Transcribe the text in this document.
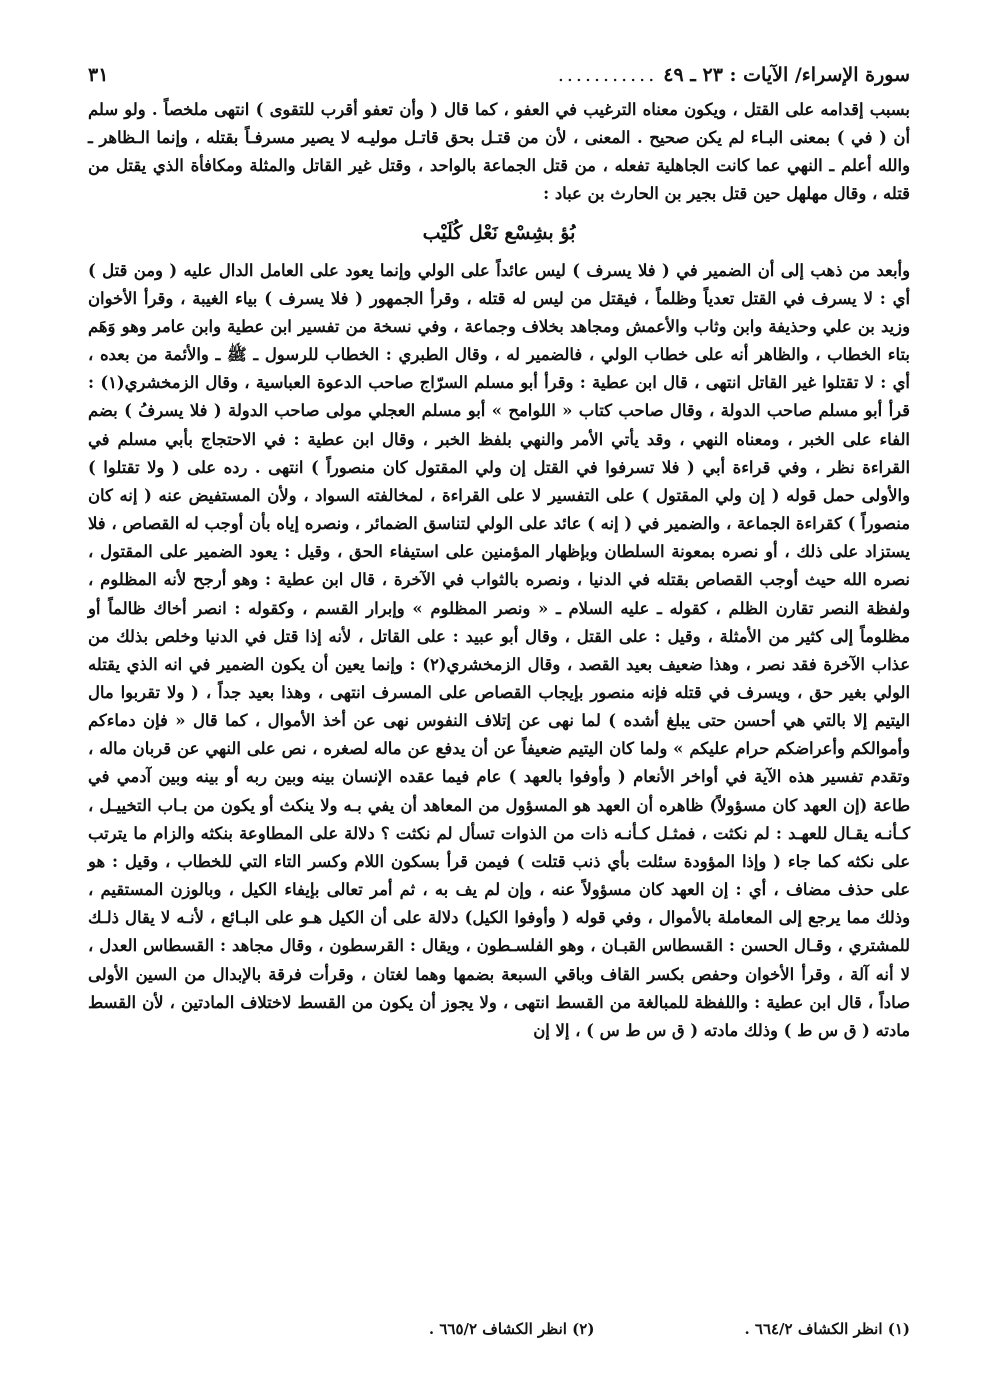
سورة الإسراء/ الآيات : ٢٣ ـ ٤٩
...........
٣١

بسبب إقدامه على القتل ، ويكون معناه الترغيب في العفو ، كما قال ( وأن تعفو أقرب للتقوى ) انتهى ملخصاً . ولو سلم أن ( في ) بمعنى البـاء لم يكن صحيح . المعنى ، لأن من قتـل بحق قاتـل موليـه لا يصير مسرفـاً بقتله ، وإنما الـظاهر ـ والله أعلم ـ النهي عما كانت الجاهلية تفعله ، من قتل الجماعة بالواحد ، وقتل غير القاتل والمثلة ومكافأة الذي يقتل من قتله ، وقال مهلهل حين قتل بجير بن الحارث بن عباد :

بُؤ بشِسْع نَعْل كُلَيْب

وأبعد من ذهب إلى أن الضمير في ( فلا يسرف ) ليس عائداً على الولي وإنما يعود على العامل الدال عليه ( ومن قتل ) أي : لا يسرف في القتل تعدياً وظلماً ، فيقتل من ليس له قتله ، وقرأ الجمهور ( فلا يسرف ) بياء الغيبة ، وقرأ الأخوان وزيد بن علي وحذيفة وابن وثاب والأعمش ومجاهد بخلاف وجماعة ، وفي نسخة من تفسير ابن عطية وابن عامر وهو وَهَم بتاء الخطاب ، والظاهر أنه على خطاب الولي ، فالضمير له ، وقال الطبري : الخطاب للرسول ـ ﷺ ـ والأئمة من بعده ، أي : لا تقتلوا غير القاتل انتهى ، قال ابن عطية : وقرأ أبو مسلم السرّاج صاحب الدعوة العباسية ، وقال الزمخشري(١) : قرأ أبو مسلم صاحب الدولة ، وقال صاحب كتاب « اللوامح » أبو مسلم العجلي مولى صاحب الدولة ( فلا يسرفُ ) بضم الفاء على الخبر ، ومعناه النهي ، وقد يأتي الأمر والنهي بلفظ الخبر ، وقال ابن عطية : في الاحتجاج بأبي مسلم في القراءة نظر ، وفي قراءة أبي ( فلا تسرفوا في القتل إن ولي المقتول كان منصوراً ) انتهى . رده على ( ولا تقتلوا ) والأولى حمل قوله ( إن ولي المقتول ) على التفسير لا على القراءة ، لمخالفته السواد ، ولأن المستفيض عنه ( إنه كان منصوراً ) كقراءة الجماعة ، والضمير في ( إنه ) عائد على الولي لتناسق الضمائر ، ونصره إياه بأن أوجب له القصاص ، فلا يستزاد على ذلك ، أو نصره بمعونة السلطان وبإظهار المؤمنين على استيفاء الحق ، وقيل : يعود الضمير على المقتول ، نصره الله حيث أوجب القصاص بقتله في الدنيا ، ونصره بالثواب في الآخرة ، قال ابن عطية : وهو أرجح لأنه المظلوم ، ولفظة النصر تقارن الظلم ، كقوله ـ عليه السلام ـ « ونصر المظلوم » وإبرار القسم ، وكقوله : انصر أخاك ظالماً أو مظلوماً إلى كثير من الأمثلة ، وقيل : على القتل ، وقال أبو عبيد : على القاتل ، لأنه إذا قتل في الدنيا وخلص بذلك من عذاب الآخرة فقد نصر ، وهذا ضعيف بعيد القصد ، وقال الزمخشري(٢) : وإنما يعين أن يكون الضمير في انه الذي يقتله الولي بغير حق ، ويسرف في قتله فإنه منصور بإيجاب القصاص على المسرف انتهى ، وهذا بعيد جداً ، ( ولا تقربوا مال اليتيم إلا بالتي هي أحسن حتى يبلغ أشده ) لما نهى عن إتلاف النفوس نهى عن أخذ الأموال ، كما قال « فإن دماءكم وأموالكم وأعراضكم حرام عليكم » ولما كان اليتيم ضعيفاً عن أن يدفع عن ماله لصغره ، نص على النهي عن قربان ماله ، وتقدم تفسير هذه الآية في أواخر الأنعام ( وأوفوا بالعهد ) عام فيما عقده الإنسان بينه وبين ربه أو بينه وبين آدمي في طاعة (إن العهد كان مسؤولاً) ظاهره أن العهد هو المسؤول من المعاهد أن يفي بـه ولا ينكث أو يكون من بـاب التخييـل ، كـأنـه يقـال للعهـد : لم نكثت ، فمثـل كـأنـه ذات من الذوات تسأل لم نكثت ؟ دلالة على المطاوعة بنكثه والزام ما يترتب على نكثه كما جاء ( وإذا المؤودة سئلت بأي ذنب قتلت ) فيمن قرأ بسكون اللام وكسر التاء التي للخطاب ، وقيل : هو على حذف مضاف ، أي : إن العهد كان مسؤولاً عنه ، وإن لم يف به ، ثم أمر تعالى بإيفاء الكيل ، وبالوزن المستقيم ، وذلك مما يرجع إلى المعاملة بالأموال ، وفي قوله ( وأوفوا الكيل) دلالة على أن الكيل هـو على البـائع ، لأنـه لا يقال ذلـك للمشتري ، وقـال الحسن : القسطاس القبـان ، وهو الفلسـطون ، ويقال : القرسطون ، وقال مجاهد : القسطاس العدل ، لا أنه آلة ، وقرأ الأخوان وحفص بكسر القاف وباقي السبعة بضمها وهما لغتان ، وقرأت فرقة بالإبدال من السين الأولى صاداً ، قال ابن عطية : واللفظة للمبالغة من القسط انتهى ، ولا يجوز أن يكون من القسط لاختلاف المادتين ، لأن القسط مادته ( ق س ط ) وذلك مادته ( ق س ط س ) ، إلا إن

(١) انظر الكشاف ٦٦٤/٢ .
(٢) انظر الكشاف ٦٦٥/٢ .
